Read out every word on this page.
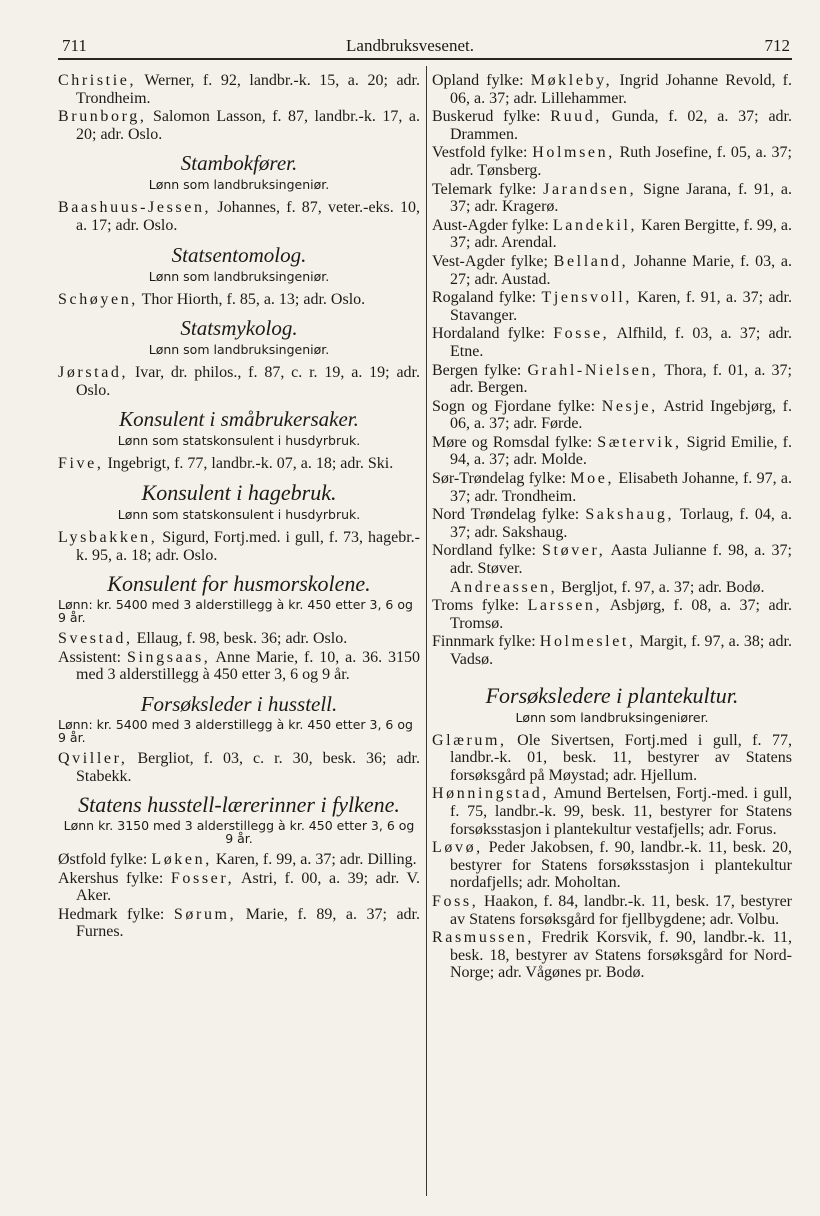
711	Landbruksvesenet.	712

Christie, Werner, f. 92, landbr.-k. 15, a. 20; adr. Trondheim.

Brunborg, Salomon Lasson, f. 87, landbr.-k. 17, a. 20; adr. Oslo.

Stambokfører.
Lønn som landbruksingeniør.

Baashuus-Jessen, Johannes, f. 87, veter.-eks. 10, a. 17; adr. Oslo.

Statsentomolog.
Lønn som landbruksingeniør.

Schøyen, Thor Hiorth, f. 85, a. 13; adr. Oslo.

Statsmykolog.
Lønn som landbruksingeniør.

Jørstad, Ivar, dr. philos., f. 87, c. r. 19, a. 19; adr. Oslo.

Konsulent i småbrukersaker.
Lønn som statskonsulent i husdyrbruk.

Five, Ingebrigt, f. 77, landbr.-k. 07, a. 18; adr. Ski.

Konsulent i hagebruk.
Lønn som statskonsulent i husdyrbruk.

Lysbakken, Sigurd, Fortj.med. i gull, f. 73, hagebr.-k. 95, a. 18; adr. Oslo.

Konsulent for husmorskolene.
Lønn: kr. 5400 med 3 alderstillegg à kr. 450 etter 3, 6 og 9 år.

Svestad, Ellaug, f. 98, besk. 36; adr. Oslo.

Assistent: Singsaas, Anne Marie, f. 10, a. 36. 3150 med 3 alderstillegg à 450 etter 3, 6 og 9 år.

Forsøksleder i husstell.
Lønn: kr. 5400 med 3 alderstillegg à kr. 450 etter 3, 6 og 9 år.

Qviller, Bergliot, f. 03, c. r. 30, besk. 36; adr. Stabekk.

Statens husstell-lærerinner i fylkene.
Lønn kr. 3150 med 3 alderstillegg à kr. 450 etter 3, 6 og 9 år.

Østfold fylke: Løken, Karen, f. 99, a. 37; adr. Dilling.

Akershus fylke: Fosser, Astri, f. 00, a. 39; adr. V. Aker.

Hedmark fylke: Sørum, Marie, f. 89, a. 37; adr. Furnes.

Opland fylke: Møkleby, Ingrid Johanne Revold, f. 06, a. 37; adr. Lillehammer.

Buskerud fylke: Ruud, Gunda, f. 02, a. 37; adr. Drammen.

Vestfold fylke: Holmsen, Ruth Josefine, f. 05, a. 37; adr. Tønsberg.

Telemark fylke: Jarandsen, Signe Jarana, f. 91, a. 37; adr. Kragerø.

Aust-Agder fylke: Landekil, Karen Bergitte, f. 99, a. 37; adr. Arendal.

Vest-Agder fylke; Belland, Johanne Marie, f. 03, a. 27; adr. Austad.

Rogaland fylke: Tjensvoll, Karen, f. 91, a. 37; adr. Stavanger.

Hordaland fylke: Fosse, Alfhild, f. 03, a. 37; adr. Etne.

Bergen fylke: Grahl-Nielsen, Thora, f. 01, a. 37; adr. Bergen.

Sogn og Fjordane fylke: Nesje, Astrid Ingebjørg, f. 06, a. 37; adr. Førde.

Møre og Romsdal fylke: Sætervik, Sigrid Emilie, f. 94, a. 37; adr. Molde.

Sør-Trøndelag fylke: Moe, Elisabeth Johanne, f. 97, a. 37; adr. Trondheim.

Nord Trøndelag fylke: Sakshaug, Torlaug, f. 04, a. 37; adr. Sakshaug.

Nordland fylke: Støver, Aasta Julianne f. 98, a. 37; adr. Støver.

Andreassen, Bergljot, f. 97, a. 37; adr. Bodø.

Troms fylke: Larssen, Asbjørg, f. 08, a. 37; adr. Tromsø.

Finnmark fylke: Holmeslet, Margit, f. 97, a. 38; adr. Vadsø.

Forsøksledere i plantekultur.
Lønn som landbruksingeniører.

Glærum, Ole Sivertsen, Fortj.med i gull, f. 77, landbr.-k. 01, besk. 11, bestyrer av Statens forsøksgård på Møystad; adr. Hjellum.

Hønningstad, Amund Bertelsen, Fortj.-med. i gull, f. 75, landbr.-k. 99, besk. 11, bestyrer for Statens forsøksstasjon i plantekultur vestafjells; adr. Forus.

Løvø, Peder Jakobsen, f. 90, landbr.-k. 11, besk. 20, bestyrer for Statens forsøksstasjon i plantekultur nordafjells; adr. Moholtan.

Foss, Haakon, f. 84, landbr.-k. 11, besk. 17, bestyrer av Statens forsøksgård for fjellbygdene; adr. Volbu.

Rasmussen, Fredrik Korsvik, f. 90, landbr.-k. 11, besk. 18, bestyrer av Statens forsøksgård for Nord-Norge; adr. Vågønes pr. Bodø.
